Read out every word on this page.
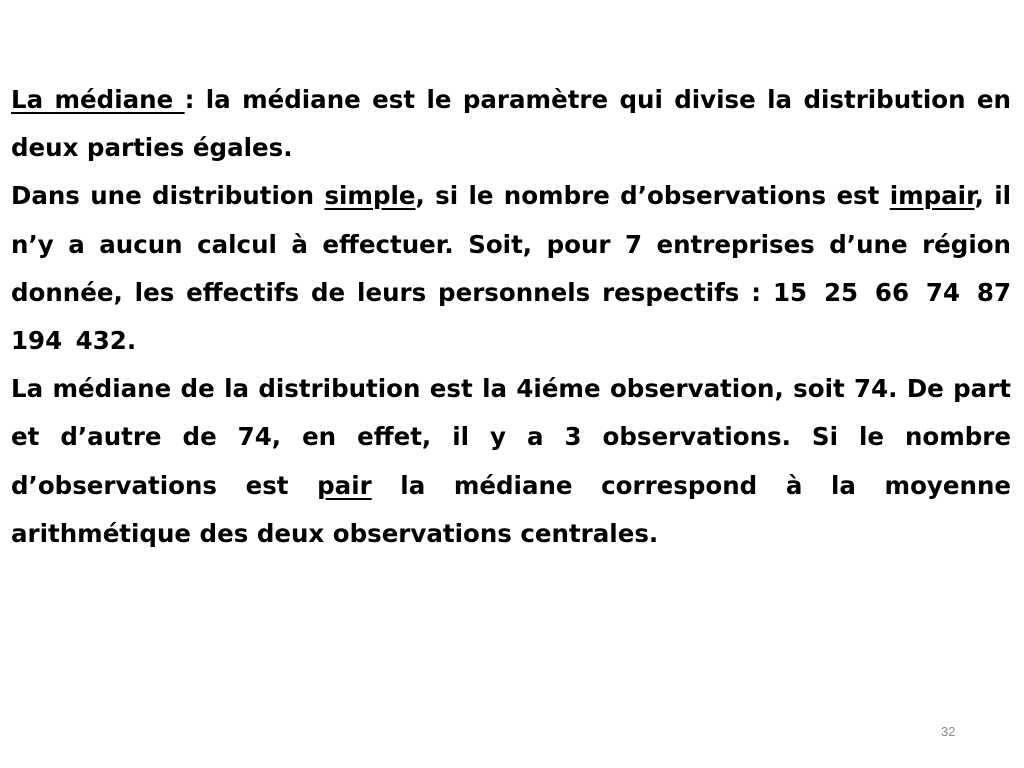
La médiane : la médiane est le paramètre qui divise la distribution en deux parties égales.

Dans une distribution simple, si le nombre d’observations est impair, il n’y a aucun calcul à effectuer. Soit, pour 7 entreprises d’une région donnée, les effectifs de leurs personnels respectifs : 15 25 66 74 87 194 432.

La médiane de la distribution est la 4iéme observation, soit 74. De part et d’autre de 74, en effet, il y a 3 observations. Si le nombre d’observations est pair la médiane correspond à la moyenne arithmétique des deux observations centrales.

32
